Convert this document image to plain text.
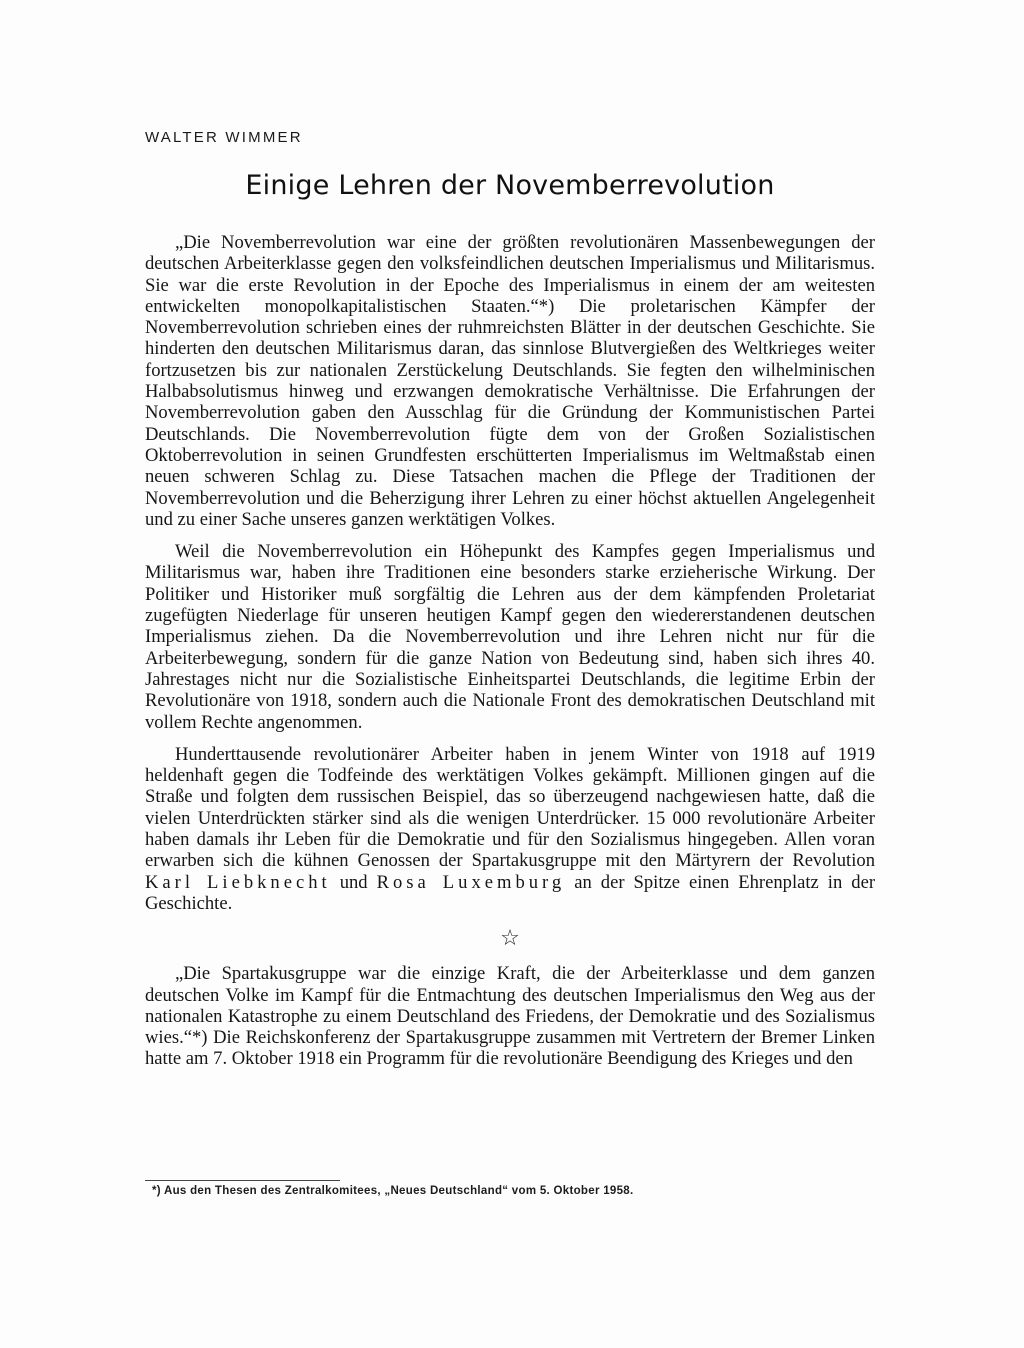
WALTER WIMMER
Einige Lehren der Novemberrevolution

„Die Novemberrevolution war eine der größten revolutionären Massenbewegungen der deutschen Arbeiterklasse gegen den volksfeindlichen deutschen Imperialismus und Militarismus. Sie war die erste Revolution in der Epoche des Imperialismus in einem der am weitesten entwickelten monopolkapitalistischen Staaten.“*) Die proletarischen Kämpfer der Novemberrevolution schrieben eines der ruhmreichsten Blätter in der deutschen Geschichte. Sie hinderten den deutschen Militarismus daran, das sinnlose Blutvergießen des Weltkrieges weiter fortzusetzen bis zur nationalen Zerstückelung Deutschlands. Sie fegten den wilhelminischen Halbabsolutismus hinweg und erzwangen demokratische Verhältnisse. Die Erfahrungen der Novemberrevolution gaben den Ausschlag für die Gründung der Kommunistischen Partei Deutschlands. Die Novemberrevolution fügte dem von der Großen Sozialistischen Oktoberrevolution in seinen Grundfesten erschütterten Imperialismus im Weltmaßstab einen neuen schweren Schlag zu. Diese Tatsachen machen die Pflege der Traditionen der Novemberrevolution und die Beherzigung ihrer Lehren zu einer höchst aktuellen Angelegenheit und zu einer Sache unseres ganzen werktätigen Volkes.

Weil die Novemberrevolution ein Höhepunkt des Kampfes gegen Imperialismus und Militarismus war, haben ihre Traditionen eine besonders starke erzieherische Wirkung. Der Politiker und Historiker muß sorgfältig die Lehren aus der dem kämpfenden Proletariat zugefügten Niederlage für unseren heutigen Kampf gegen den wiedererstandenen deutschen Imperialismus ziehen. Da die Novemberrevolution und ihre Lehren nicht nur für die Arbeiterbewegung, sondern für die ganze Nation von Bedeutung sind, haben sich ihres 40. Jahrestages nicht nur die Sozialistische Einheitspartei Deutschlands, die legitime Erbin der Revolutionäre von 1918, sondern auch die Nationale Front des demokratischen Deutschland mit vollem Rechte angenommen.

Hunderttausende revolutionärer Arbeiter haben in jenem Winter von 1918 auf 1919 heldenhaft gegen die Todfeinde des werktätigen Volkes gekämpft. Millionen gingen auf die Straße und folgten dem russischen Beispiel, das so überzeugend nachgewiesen hatte, daß die vielen Unterdrückten stärker sind als die wenigen Unterdrücker. 15 000 revolutionäre Arbeiter haben damals ihr Leben für die Demokratie und für den Sozialismus hingegeben. Allen voran erwarben sich die kühnen Genossen der Spartakusgruppe mit den Märtyrern der Revolution Karl Liebknecht und Rosa Luxemburg an der Spitze einen Ehrenplatz in der Geschichte.

☆

„Die Spartakusgruppe war die einzige Kraft, die der Arbeiterklasse und dem ganzen deutschen Volke im Kampf für die Entmachtung des deutschen Imperialismus den Weg aus der nationalen Katastrophe zu einem Deutschland des Friedens, der Demokratie und des Sozialismus wies.“*) Die Reichskonferenz der Spartakusgruppe zusammen mit Vertretern der Bremer Linken hatte am 7. Oktober 1918 ein Programm für die revolutionäre Beendigung des Krieges und den

*) Aus den Thesen des Zentralkomitees, „Neues Deutschland“ vom 5. Oktober 1958.
